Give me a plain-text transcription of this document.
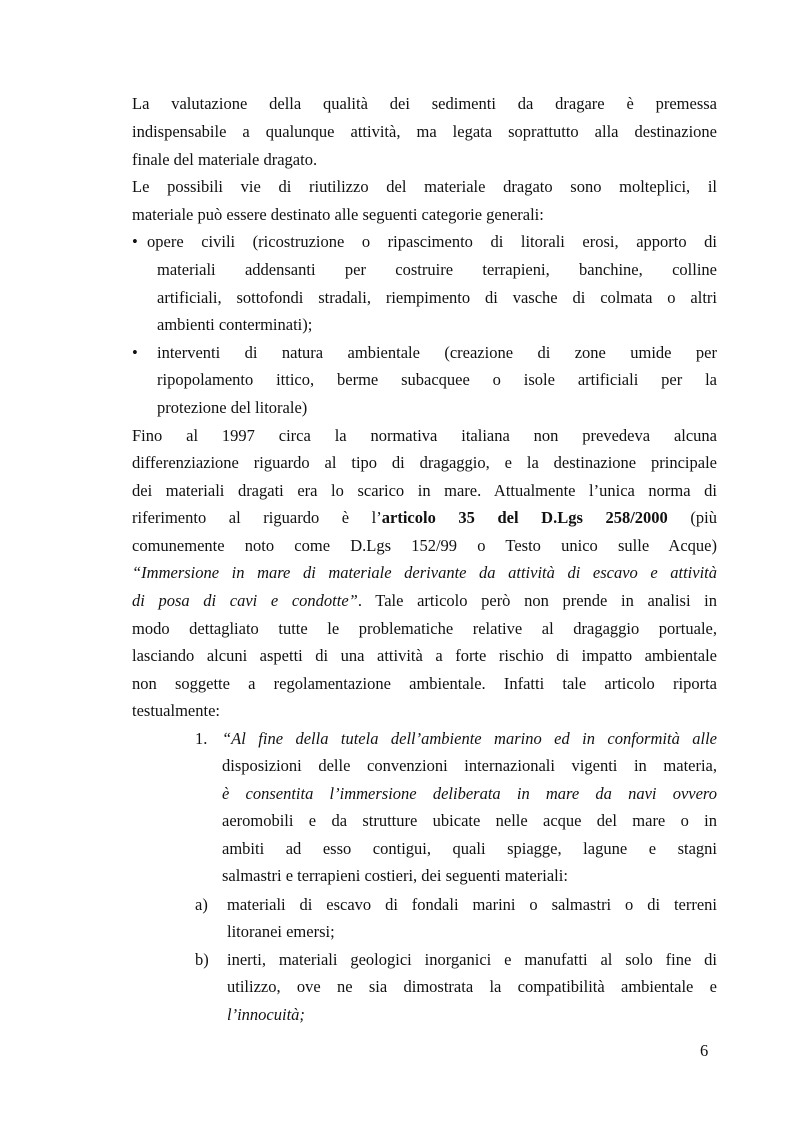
La valutazione della qualità dei sedimenti da dragare è premessa
indispensabile a qualunque attività, ma legata soprattutto alla destinazione
finale del materiale dragato.
Le possibili vie di riutilizzo del materiale dragato sono molteplici, il
materiale può essere destinato alle seguenti categorie generali:
• opere civili (ricostruzione o ripascimento di litorali erosi, apporto di
materiali addensanti per costruire terrapieni, banchine, colline
artificiali, sottofondi stradali, riempimento di vasche di colmata o altri
ambienti conterminati);
• interventi di natura ambientale (creazione di zone umide per
ripopolamento ittico, berme subacquee o isole artificiali per la
protezione del litorale)
Fino al 1997 circa la normativa italiana non prevedeva alcuna
differenziazione riguardo al tipo di dragaggio, e la destinazione principale
dei materiali dragati era lo scarico in mare. Attualmente l’unica norma di
riferimento al riguardo è l’articolo 35 del D.Lgs 258/2000 (più
comunemente noto come D.Lgs 152/99 o Testo unico sulle Acque)
“Immersione in mare di materiale derivante da attività di escavo e attività
di posa di cavi e condotte”. Tale articolo però non prende in analisi in
modo dettagliato tutte le problematiche relative al dragaggio portuale,
lasciando alcuni aspetti di una attività a forte rischio di impatto ambientale
non soggette a regolamentazione ambientale. Infatti tale articolo riporta
testualmente:
1. “Al fine della tutela dell’ambiente marino ed in conformità alle
disposizioni delle convenzioni internazionali vigenti in materia,
è consentita l’immersione deliberata in mare da navi ovvero
aeromobili e da strutture ubicate nelle acque del mare o in
ambiti ad esso contigui, quali spiagge, lagune e stagni
salmastri e terrapieni costieri, dei seguenti materiali:
a) materiali di escavo di fondali marini o salmastri o di terreni
litoranei emersi;
b) inerti, materiali geologici inorganici e manufatti al solo fine di
utilizzo, ove ne sia dimostrata la compatibilità ambientale e
l’innocuità;
6
